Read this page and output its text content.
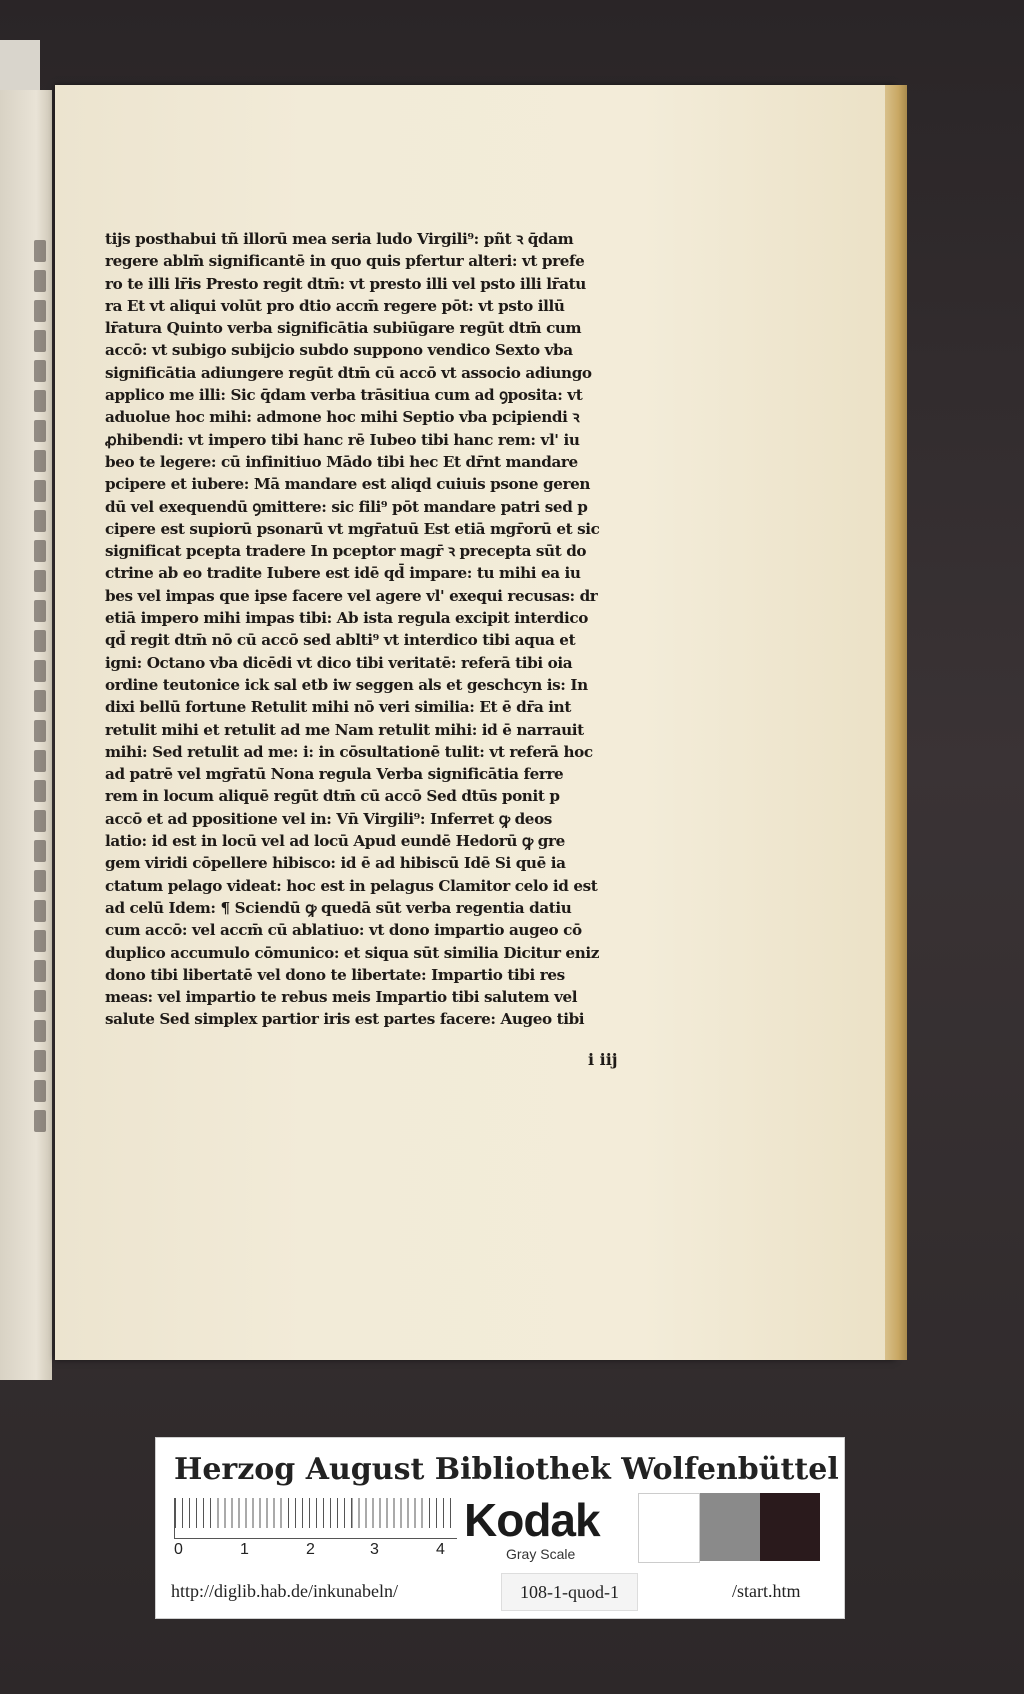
tijs posthabui tñ illorū mea seria ludo Virgili⁹: pñt ꝛ q̄dam
regere ablm̄ significantē in quo quis pfertur alteri: vt prefe
ro te illi lr̄is Presto regit dtm̄: vt presto illi vel psto illi lr̄atu
ra Et vt aliqui volūt pro dtio accm̄ regere pōt: vt psto illū
lr̄atura Quinto verba significātia subiūgare regūt dtm̄ cum
accō: vt subigo subijcio subdo suppono vendico Sexto vba
significātia adiungere regūt dtm̄ cū accō vt associo adiungo
applico me illi: Sic q̄dam verba trāsitiua cum ad ꝯposita: vt
aduolue hoc mihi: admone hoc mihi Septio vba pcipiendi ꝛ
ꝓhibendi: vt impero tibi hanc rē Iubeo tibi hanc rem: vl' iu
beo te legere: cū infinitiuo Mādo tibi hec Et dr̄nt mandare
pcipere et iubere: Mā mandare est aliqd cuiuis psone geren
dū vel exequendū ꝯmittere: sic fili⁹ pōt mandare patri sed p
cipere est supiorū psonarū vt mgr̄atuū Est etiā mgr̄orū et sic
significat pcepta tradere In pceptor magr̄ ꝛ precepta sūt do
ctrine ab eo tradite Iubere est idē qd̄ impare: tu mihi ea iu
bes vel impas que ipse facere vel agere vl' exequi recusas: dr
etiā impero mihi impas tibi: Ab ista regula excipit interdico
qd̄ regit dtm̄ nō cū accō sed ablti⁹ vt interdico tibi aqua et
igni: Octano vba dicēdi vt dico tibi veritatē: referā tibi oia
ordine teutonice ick sal etb iw seggen als et geschcyn is: In
dixi bellū fortune Retulit mihi nō veri similia: Et ē dr̄a int
retulit mihi et retulit ad me Nam retulit mihi: id ē narrauit
mihi: Sed retulit ad me: i: in cōsultationē tulit: vt referā hoc
ad patrē vel mgr̄atū Nona regula Verba significātia ferre
rem in locum aliquē regūt dtm̄ cū accō Sed dtūs ponit p
accō et ad ppositione vel in: Vn̄ Virgili⁹: Inferret ꝙ deos
latio: id est in locū vel ad locū Apud eundē Hedorū ꝙ gre
gem viridi cōpellere hibisco: id ē ad hibiscū Idē Si quē ia
ctatum pelago videat: hoc est in pelagus Clamitor celo id est
ad celū Idem: ¶ Sciendū ꝙ quedā sūt verba regentia datiu
cum accō: vel accm̄ cū ablatiuo: vt dono impartio augeo cō
duplico accumulo cōmunico: et siqua sūt similia Dicitur eniz
dono tibi libertatē vel dono te libertate: Impartio tibi res
meas: vel impartio te rebus meis Impartio tibi salutem vel
salute Sed simplex partior iris est partes facere: Augeo tibi
i iij
Herzog August Bibliothek Wolfenbüttel
0	1	2	3	4
Kodak
Gray Scale
http://diglib.hab.de/inkunabeln/	108-1-quod-1	/start.htm
